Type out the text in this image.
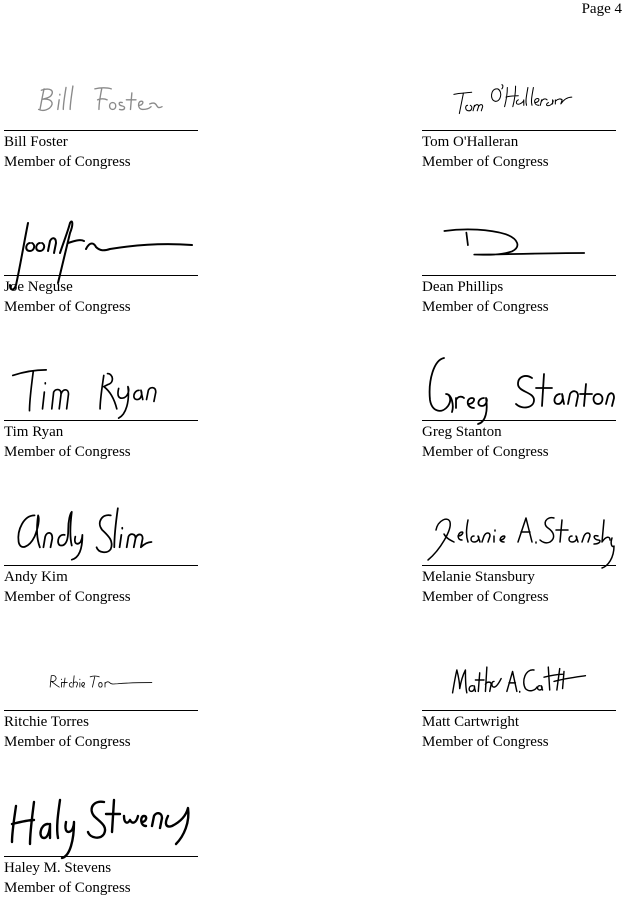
Page 4
Bill Foster
Member of Congress
Tom O'Halleran
Member of Congress
Joe Neguse
Member of Congress
Dean Phillips
Member of Congress
Tim Ryan
Member of Congress
Greg Stanton
Member of Congress
Andy Kim
Member of Congress
Melanie Stansbury
Member of Congress
Ritchie Torres
Member of Congress
Matt Cartwright
Member of Congress
Haley M. Stevens
Member of Congress
